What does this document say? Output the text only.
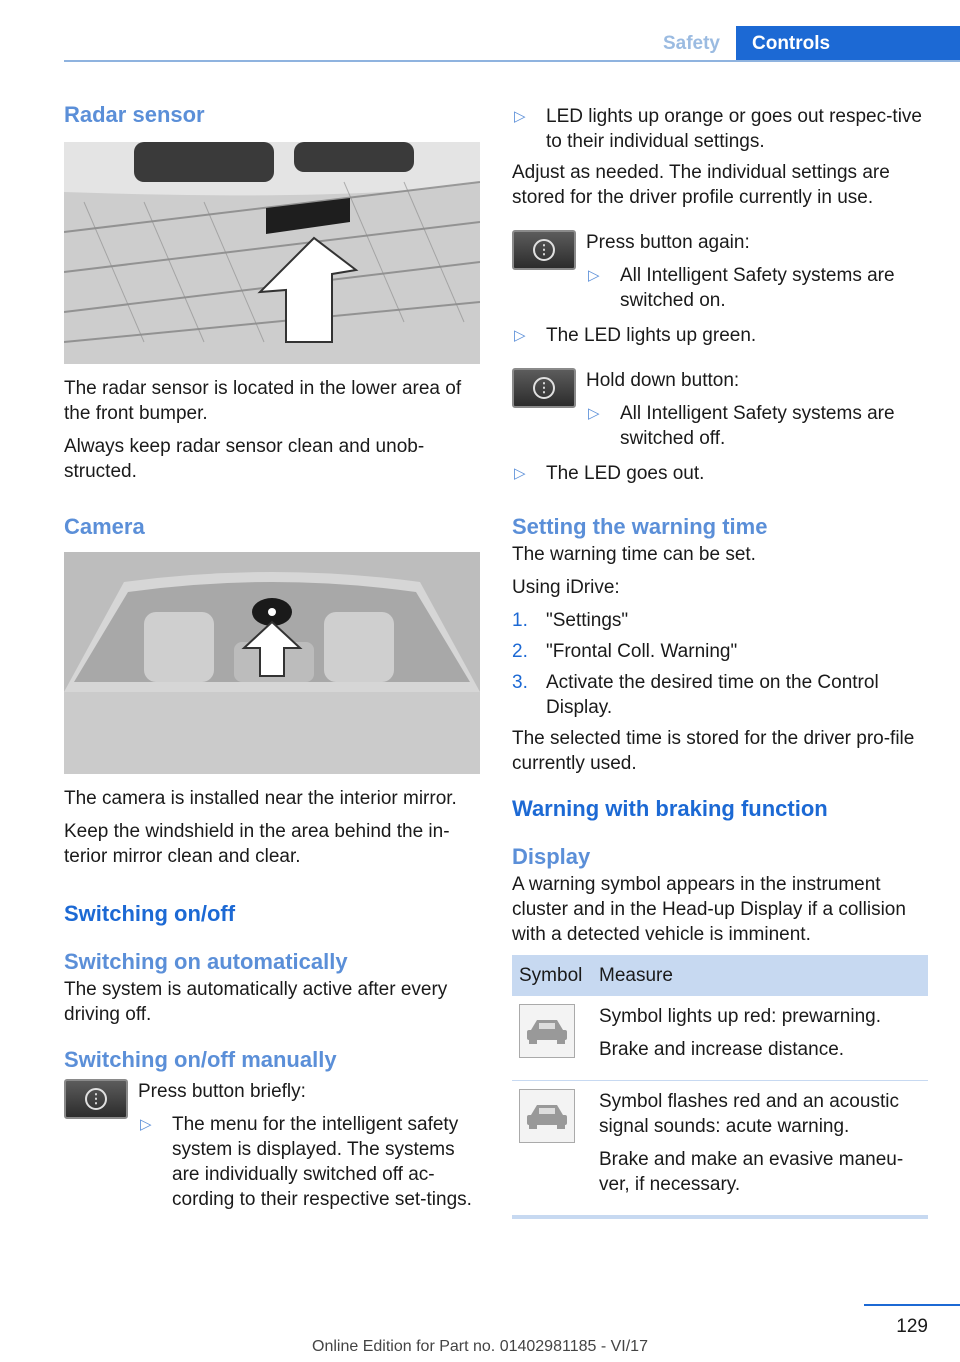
Safety	Controls
Radar sensor

The radar sensor is located in the lower area of the front bumper.

Always keep radar sensor clean and unob‐structed.

Camera

The camera is installed near the interior mirror.

Keep the windshield in the area behind the in‐terior mirror clean and clear.

Switching on/off
Switching on automatically

The system is automatically active after every driving off.

Switching on/off manually
⋮ Press button briefly:

▷	The menu for the intelligent safety system is displayed. The systems are individually switched off ac‐cording to their respective set‐tings.
▷	LED lights up orange or goes out respec‐tive to their individual settings.

Adjust as needed. The individual settings are stored for the driver profile currently in use.

⋮ Press button again:

▷	All Intelligent Safety systems are switched on.
▷	The LED lights up green.
⋮ Hold down button:

▷	All Intelligent Safety systems are switched off.
▷	The LED goes out.
Setting the warning time

The warning time can be set.

Using iDrive:

1. "Settings"
2. "Frontal Coll. Warning"
3. Activate the desired time on the Control Display.

The selected time is stored for the driver pro‐file currently used.

Warning with braking function
Display

A warning symbol appears in the instrument cluster and in the Head-up Display if a collision with a detected vehicle is imminent.

Symbol	Measure

Symbol lights up red: prewarning.

Brake and increase distance.

Symbol flashes red and an acoustic signal sounds: acute warning.

Brake and make an evasive maneu‐ver, if necessary.

129
Online Edition for Part no. 01402981185 - VI/17
